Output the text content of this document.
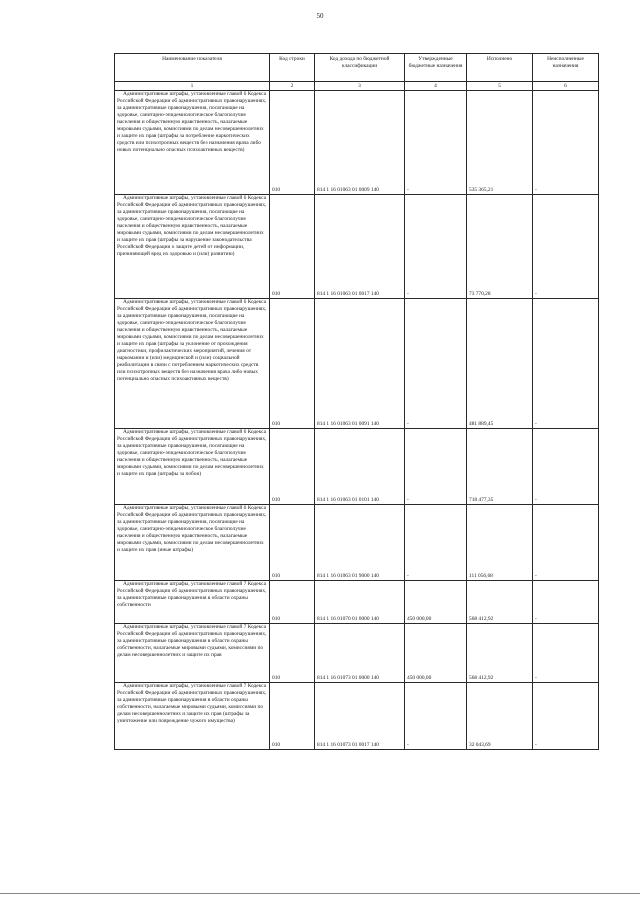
50
Наименование показателя	Код строки	Код дохода по бюджетной классификации	Утвержденные бюджетные назначения	Исполнено	Неисполненные назначения
1	2	3	4	5	6
Административные штрафы, установленные главой 6 Кодекса Российской Федерации об административных правонарушениях, за административные правонарушения, посягающие на здоровье, санитарно-эпидемиологическое благополучие населения и общественную нравственность, налагаемые мировыми судьями, комиссиями по делам несовершеннолетних и защите их прав (штрафы за потребление наркотических средств или психотропных веществ без назначения врача либо новых потенциально опасных психоактивных веществ)	010	814 1 16 01063 01 0009 140	-	535 365,21	-
Административные штрафы, установленные главой 6 Кодекса Российской Федерации об административных правонарушениях, за административные правонарушения, посягающие на здоровье, санитарно-эпидемиологическое благополучие населения и общественную нравственность, налагаемые мировыми судьями, комиссиями по делам несовершеннолетних и защите их прав (штрафы за нарушение законодательства Российской Федерации о защите детей от информации, причиняющей вред их здоровью и (или) развитию)	010	814 1 16 01063 01 0017 140	-	73 770,28	-
Административные штрафы, установленные главой 6 Кодекса Российской Федерации об административных правонарушениях, за административные правонарушения, посягающие на здоровье, санитарно-эпидемиологическое благополучие населения и общественную нравственность, налагаемые мировыми судьями, комиссиями по делам несовершеннолетних и защите их прав (штрафы за уклонение от прохождения диагностики, профилактических мероприятий, лечения от наркомании и (или) медицинской и (или) социальной реабилитации в связи с потреблением наркотических средств или психотропных веществ без назначения врача либо новых потенциально опасных психоактивных веществ)	010	814 1 16 01063 01 0091 140	-	481 889,45	-
Административные штрафы, установленные главой 6 Кодекса Российской Федерации об административных правонарушениях, за административные правонарушения, посягающие на здоровье, санитарно-эпидемиологическое благополучие населения и общественную нравственность, налагаемые мировыми судьями, комиссиями по делам несовершеннолетних и защите их прав (штрафы за побои)	010	814 1 16 01063 01 0101 140	-	718 477,35	-
Административные штрафы, установленные главой 6 Кодекса Российской Федерации об административных правонарушениях, за административные правонарушения, посягающие на здоровье, санитарно-эпидемиологическое благополучие населения и общественную нравственность, налагаемые мировыми судьями, комиссиями по делам несовершеннолетних и защите их прав (иные штрафы)	010	814 1 16 01063 01 9000 140	-	111 056,68	-
Административные штрафы, установленные главой 7 Кодекса Российской Федерации об административных правонарушениях, за административные правонарушения в области охраны собственности	010	814 1 16 01070 01 0000 140	450 000,00	568 412,92	-
Административные штрафы, установленные главой 7 Кодекса Российской Федерации об административных правонарушениях, за административные правонарушения в области охраны собственности, налагаемые мировыми судьями, комиссиями по делам несовершеннолетних и защите их прав	010	814 1 16 01073 01 0000 140	450 000,00	568 412,92	-
Административные штрафы, установленные главой 7 Кодекса Российской Федерации об административных правонарушениях, за административные правонарушения в области охраны собственности, налагаемые мировыми судьями, комиссиями по делам несовершеннолетних и защите их прав (штрафы за уничтожение или повреждение чужого имущества)	010	814 1 16 01073 01 0017 140	-	32 043,69	-
